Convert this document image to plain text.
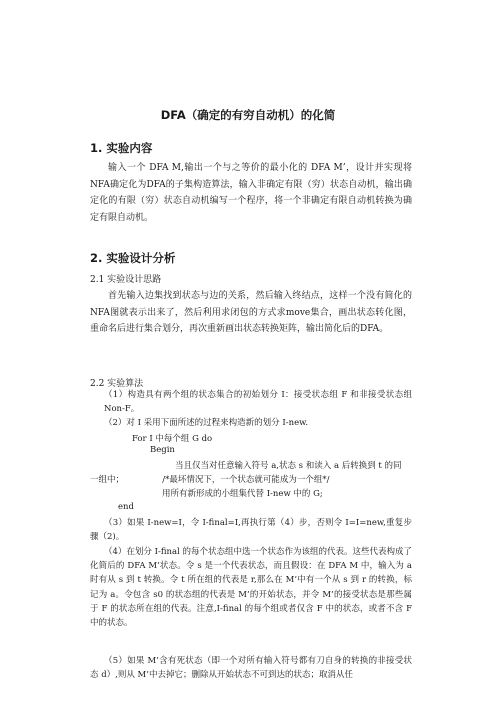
DFA（确定的有穷自动机）的化简
1. 实验内容
输入一个 DFA M,输出一个与之等价的最小化的 DFA M’，设计并实现将NFA确定化为DFA的子集构造算法，输入非确定有限（穷）状态自动机，输出确定化的有限（穷）状态自动机编写一个程序，将一个非确定有限自动机转换为确定有限自动机。
2. 实验设计分析
2.1 实验设计思路
首先输入边集找到状态与边的关系，然后输入终结点，这样一个没有简化的NFA图就表示出来了，然后利用求闭包的方式求move集合，画出状态转化图，重命名后进行集合划分，再次重新画出状态转换矩阵，输出简化后的DFA。
2.2 实验算法
（1）构造具有两个组的状态集合的初始划分 I：接受状态组 F 和非接受状态组 Non-F。
（2）对 I 采用下面所述的过程来构造新的划分 I-new.
For I 中每个组 G do
Begin
当且仅当对任意输入符号 a,状态 s 和读入 a 后转换到 t 的同
一组中；　　　　　/*最坏情况下，一个状态就可能成为一个组*/
用所有新形成的小组集代替 I-new 中的 G;
end
（3）如果 I-new=I，令 I-final=I,再执行第（4）步，否则令 I=I=new,重复步骤（2)。
（4）在划分 I-final 的每个状态组中选一个状态作为该组的代表。这些代表构成了化简后的 DFA M’状态。令 s 是一个代表状态，而且假设：在 DFA M 中，输入为 a 时有从 s 到 t 转换。令 t 所在组的代表是 r,那么在 M’中有一个从 s 到 r 的转换，标记为 a。令包含 s0 的状态组的代表是 M’的开始状态，并令 M’的接受状态是那些属于 F 的状态所在组的代表。注意,I-final 的每个组或者仅含 F 中的状态，或者不含 F 中的状态。
（5）如果 M’含有死状态（即一个对所有输入符号都有刀自身的转换的非接受状态 d）,则从 M’中去掉它；删除从开始状态不可到达的状态；取消从任
